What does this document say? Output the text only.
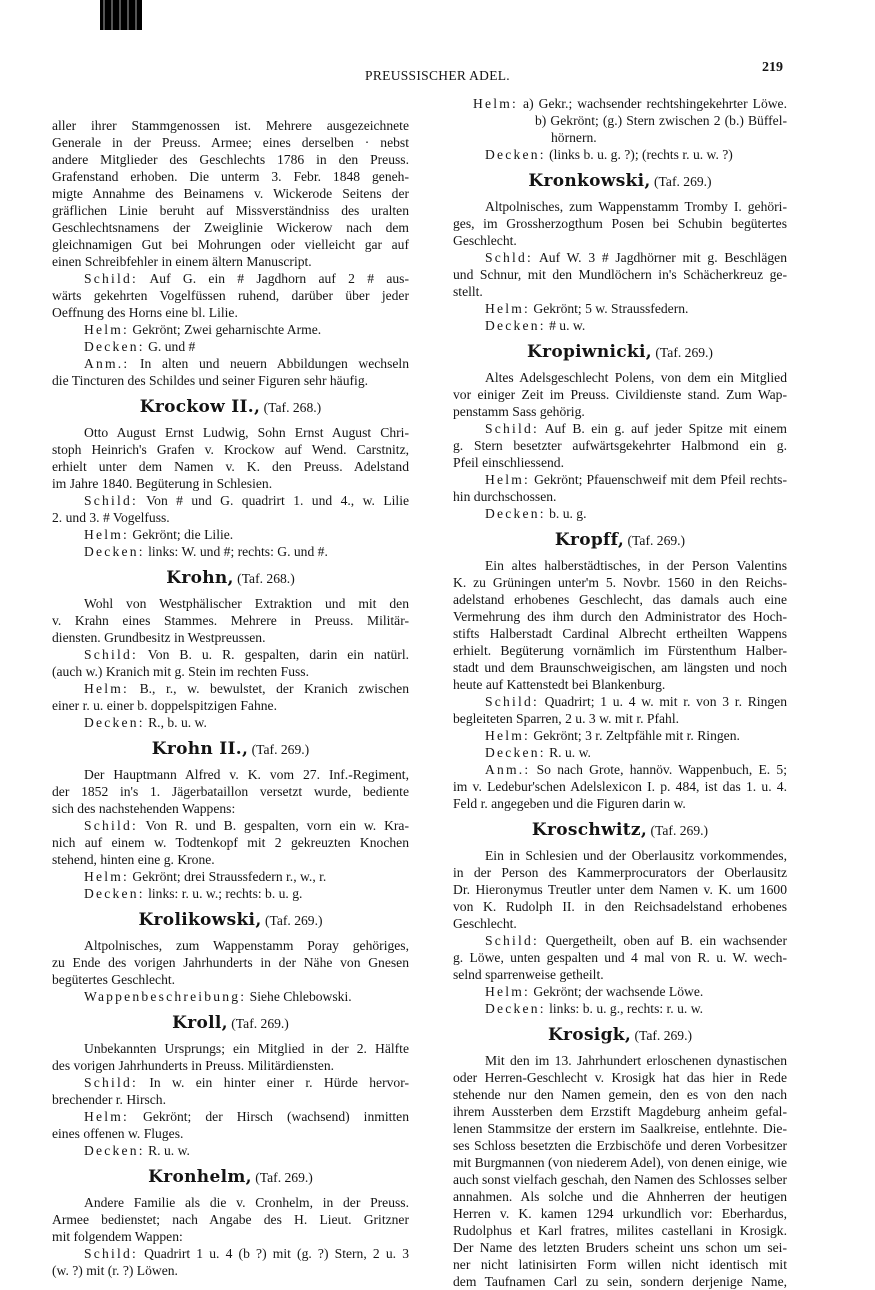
PREUSSISCHER ADEL.
219
aller ihrer Stammgenossen ist. Mehrere ausgezeichnete
Generale in der Preuss. Armee; eines derselben · nebst
andere Mitglieder des Geschlechts 1786 in den Preuss.
Grafenstand erhoben. Die unterm 3. Febr. 1848 geneh-
migte Annahme des Beinamens v. Wickerode Seitens der
gräflichen Linie beruht auf Missverständniss des uralten
Geschlechtsnamens der Zweiglinie Wickerow nach dem
gleichnamigen Gut bei Mohrungen oder vielleicht gar auf
einen Schreibfehler in einem ältern Manuscript.
Schild: Auf G. ein # Jagdhorn auf 2 # aus-
wärts gekehrten Vogelfüssen ruhend, darüber über jeder
Oeffnung des Horns eine bl. Lilie.
Helm: Gekrönt; Zwei geharnischte Arme.
Decken: G. und #
Anm.: In alten und neuern Abbildungen wechseln
die Tincturen des Schildes und seiner Figuren sehr häufig.
Krockow II., (Taf. 268.)
Otto August Ernst Ludwig, Sohn Ernst August Chri-
stoph Heinrich's Grafen v. Krockow auf Wend. Carstnitz,
erhielt unter dem Namen v. K. den Preuss. Adelstand
im Jahre 1840. Begüterung in Schlesien.
Schild: Von # und G. quadrirt 1. und 4., w. Lilie
2. und 3. # Vogelfuss.
Helm: Gekrönt; die Lilie.
Decken: links: W. und #; rechts: G. und #.
Krohn, (Taf. 268.)
Wohl von Westphälischer Extraktion und mit den
v. Krahn eines Stammes. Mehrere in Preuss. Militär-
diensten. Grundbesitz in Westpreussen.
Schild: Von B. u. R. gespalten, darin ein natürl.
(auch w.) Kranich mit g. Stein im rechten Fuss.
Helm: B., r., w. bewulstet, der Kranich zwischen
einer r. u. einer b. doppelspitzigen Fahne.
Decken: R., b. u. w.
Krohn II., (Taf. 269.)
Der Hauptmann Alfred v. K. vom 27. Inf.-Regiment,
der 1852 in's 1. Jägerbataillon versetzt wurde, bediente
sich des nachstehenden Wappens:
Schild: Von R. und B. gespalten, vorn ein w. Kra-
nich auf einem w. Todtenkopf mit 2 gekreuzten Knochen
stehend, hinten eine g. Krone.
Helm: Gekrönt; drei Straussfedern r., w., r.
Decken: links: r. u. w.; rechts: b. u. g.
Krolikowski, (Taf. 269.)
Altpolnisches, zum Wappenstamm Poray gehöriges,
zu Ende des vorigen Jahrhunderts in der Nähe von Gnesen
begütertes Geschlecht.
Wappenbeschreibung: Siehe Chlebowski.
Kroll, (Taf. 269.)
Unbekannten Ursprungs; ein Mitglied in der 2. Hälfte
des vorigen Jahrhunderts in Preuss. Militärdiensten.
Schild: In w. ein hinter einer r. Hürde hervor-
brechender r. Hirsch.
Helm: Gekrönt; der Hirsch (wachsend) inmitten
eines offenen w. Fluges.
Decken: R. u. w.
Kronhelm, (Taf. 269.)
Andere Familie als die v. Cronhelm, in der Preuss.
Armee bedienstet; nach Angabe des H. Lieut. Gritzner
mit folgendem Wappen:
Schild: Quadrirt 1 u. 4 (b ?) mit (g. ?) Stern, 2 u. 3
(w. ?) mit (r. ?) Löwen.
Helm: a) Gekr.; wachsender rechtshingekehrter Löwe.
b) Gekrönt; (g.) Stern zwischen 2 (b.) Büffel-
hörnern.
Decken: (links b. u. g. ?); (rechts r. u. w. ?)
Kronkowski, (Taf. 269.)
Altpolnisches, zum Wappenstamm Tromby I. gehöri-
ges, im Grossherzogthum Posen bei Schubin begütertes
Geschlecht.
Schld: Auf W. 3 # Jagdhörner mit g. Beschlägen
und Schnur, mit den Mundlöchern in's Schächerkreuz ge-
stellt.
Helm: Gekrönt; 5 w. Straussfedern.
Decken: # u. w.
Kropiwnicki, (Taf. 269.)
Altes Adelsgeschlecht Polens, von dem ein Mitglied
vor einiger Zeit im Preuss. Civildienste stand. Zum Wap-
penstamm Sass gehörig.
Schild: Auf B. ein g. auf jeder Spitze mit einem
g. Stern besetzter aufwärtsgekehrter Halbmond ein g.
Pfeil einschliessend.
Helm: Gekrönt; Pfauenschweif mit dem Pfeil rechts-
hin durchschossen.
Decken: b. u. g.
Kropff, (Taf. 269.)
Ein altes halberstädtisches, in der Person Valentins
K. zu Grüningen unter'm 5. Novbr. 1560 in den Reichs-
adelstand erhobenes Geschlecht, das damals auch eine
Vermehrung des ihm durch den Administrator des Hoch-
stifts Halberstadt Cardinal Albrecht ertheilten Wappens
erhielt. Begüterung vornämlich im Fürstenthum Halber-
stadt und dem Braunschweigischen, am längsten und noch
heute auf Kattenstedt bei Blankenburg.
Schild: Quadrirt; 1 u. 4 w. mit r. von 3 r. Ringen
begleiteten Sparren, 2 u. 3 w. mit r. Pfahl.
Helm: Gekrönt; 3 r. Zeltpfähle mit r. Ringen.
Decken: R. u. w.
Anm.: So nach Grote, hannöv. Wappenbuch, E. 5;
im v. Ledebur'schen Adelslexicon I. p. 484, ist das 1. u. 4.
Feld r. angegeben und die Figuren darin w.
Kroschwitz, (Taf. 269.)
Ein in Schlesien und der Oberlausitz vorkommendes,
in der Person des Kammerprocurators der Oberlausitz
Dr. Hieronymus Treutler unter dem Namen v. K. um 1600
von K. Rudolph II. in den Reichsadelstand erhobenes
Geschlecht.
Schild: Quergetheilt, oben auf B. ein wachsender
g. Löwe, unten gespalten und 4 mal von R. u. W. wech-
selnd sparrenweise getheilt.
Helm: Gekrönt; der wachsende Löwe.
Decken: links: b. u. g., rechts: r. u. w.
Krosigk, (Taf. 269.)
Mit den im 13. Jahrhundert erloschenen dynastischen
oder Herren-Geschlecht v. Krosigk hat das hier in Rede
stehende nur den Namen gemein, den es von den nach
ihrem Aussterben dem Erzstift Magdeburg anheim gefal-
lenen Stammsitze der erstern im Saalkreise, entlehnte. Die-
ses Schloss besetzten die Erzbischöfe und deren Vorbesitzer
mit Burgmannen (von niederem Adel), von denen einige, wie
auch sonst vielfach geschah, den Namen des Schlosses selber
annahmen. Als solche und die Ahnherren der heutigen
Herren v. K. kamen 1294 urkundlich vor: Eberhardus,
Rudolphus et Karl fratres, milites castellani in Krosigk.
Der Name des letzten Bruders scheint uns schon um sei-
ner nicht latinisirten Form willen nicht identisch mit
dem Taufnamen Carl zu sein, sondern derjenige Name,
